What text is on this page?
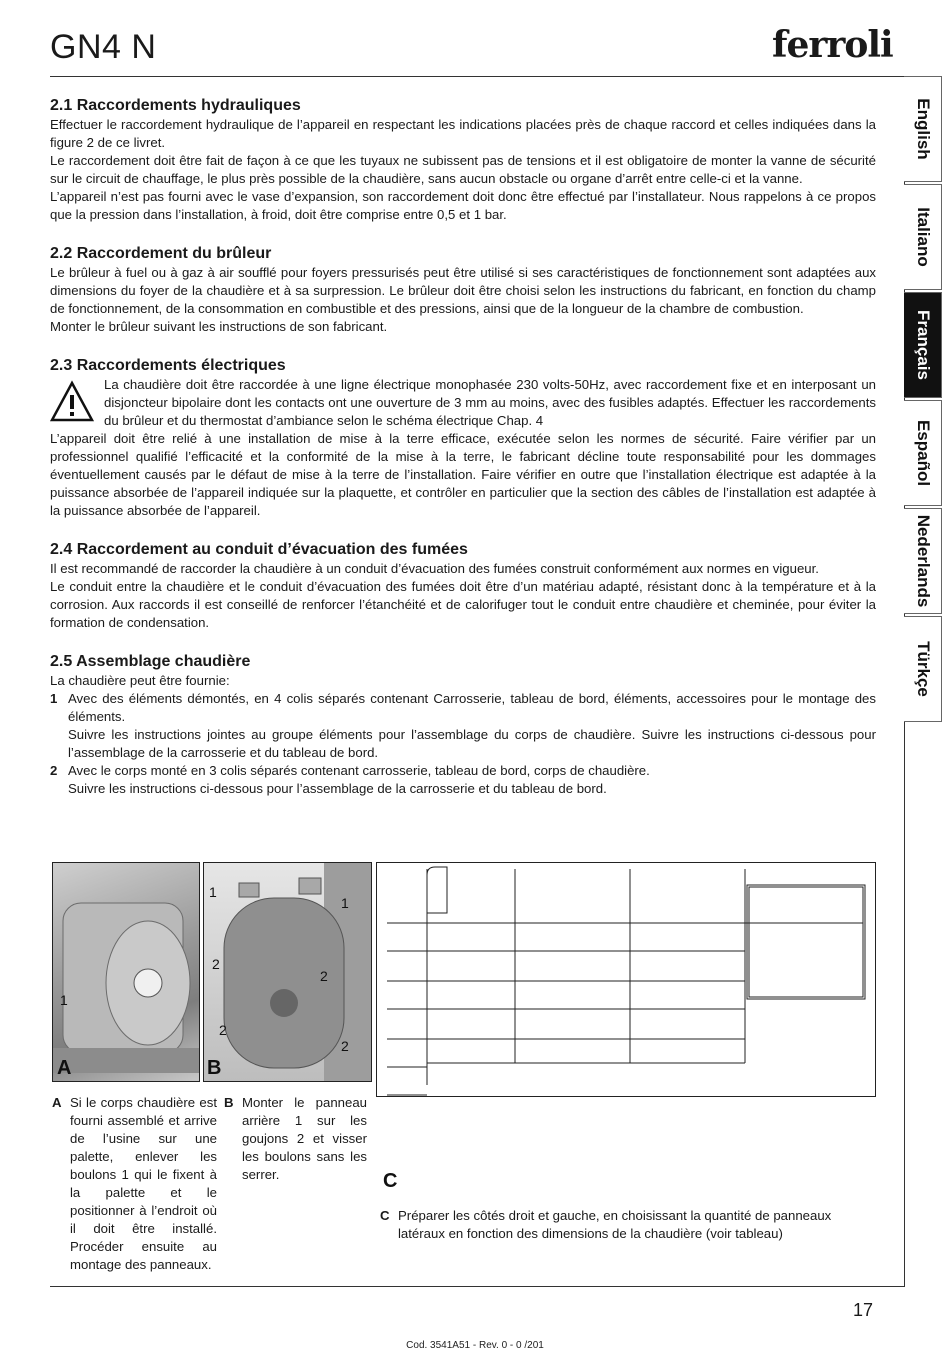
GN4 N	ferroli
English
Italiano
Français
Español
Nederlands
Türkçe
2.1 Raccordements hydrauliques

Effectuer le raccordement hydraulique de l’appareil en respectant les indications placées près de chaque raccord et celles indiquées dans la figure 2 de ce livret.

Le raccordement doit être fait de façon à ce que les tuyaux ne subissent pas de tensions et il est obligatoire de monter la vanne de sécurité sur le circuit de chauffage, le plus près possible de la chaudière, sans aucun obstacle ou organe d’arrêt entre celle-ci et la vanne.

L’appareil n’est pas fourni avec le vase d’expansion, son raccordement doit donc être effectué par l’installateur. Nous rappelons à ce propos que la pression dans l’installation, à froid, doit être comprise entre 0,5 et 1 bar.

2.2 Raccordement du brûleur

Le brûleur à fuel ou à gaz à air soufflé pour foyers pressurisés peut être utilisé si ses caractéristiques de fonctionnement sont adaptées aux dimensions du foyer de la chaudière et à sa surpression. Le brûleur doit être choisi selon les instructions du fabricant, en fonction du champ de fonctionnement, de la consommation en combustible et des pressions, ainsi que de la longueur de la chambre de combustion.

Monter le brûleur suivant les instructions de son fabricant.

2.3 Raccordements électriques

La chaudière doit être raccordée à une ligne électrique monophasée 230 volts-50Hz, avec raccordement fixe et en interposant un disjoncteur bipolaire dont les contacts ont une ouverture de 3 mm au moins, avec des fusibles adaptés. Effectuer les raccordements du brûleur et du thermostat d’ambiance selon le schéma électrique Chap. 4

L’appareil doit être relié à une installation de mise à la terre efficace, exécutée selon les normes de sécurité. Faire vérifier par un professionnel qualifié l’efficacité et la conformité de la mise à la terre, le fabricant décline toute responsabilité pour les dommages éventuellement causés par le défaut de mise à la terre de l’installation. Faire vérifier en outre que l’installation électrique est adaptée à la puissance absorbée de l’appareil indiquée sur la plaquette, et contrôler en particulier que la section des câbles de l’installation est adaptée à la puissance absorbée de l’appareil.

2.4 Raccordement au conduit d’évacuation des fumées

Il est recommandé de raccorder la chaudière à un conduit d’évacuation des fumées construit conformément aux normes en vigueur.

Le conduit entre la chaudière et le conduit d’évacuation des fumées doit être d’un matériau adapté, résistant donc à la température et à la corrosion. Aux raccords il est conseillé de renforcer l’étanchéité et de calorifuger tout le conduit entre chaudière et cheminée, pour éviter la formation de condensation.

2.5 Assemblage chaudière

La chaudière peut être fournie:

1 Avec des éléments démontés, en 4 colis séparés contenant Carrosserie, tableau de bord, éléments, accessoires pour le montage des éléments.
Suivre les instructions jointes au groupe éléments pour l’assemblage du corps de chaudière. Suivre les instructions ci-dessous pour l’assemblage de la carrosserie et du tableau de bord.
2 Avec le corps monté en 3 colis séparés contenant carrosserie, tableau de bord, corps de chaudière.
Suivre les instructions ci-dessous pour l’assemblage de la carrosserie et du tableau de bord.
1
A
1
1
2
2
2
2
B
C
A Si le corps chaudière est fourni assemblé et arrive de l’usine sur une palette, enlever les boulons 1 qui le fixent à la palette et le positionner à l’endroit où il doit être installé. Procéder ensuite au montage des panneaux.
B Monter le panneau arrière 1 sur les goujons 2 et visser les boulons sans les serrer.
C Préparer les côtés droit et gauche, en choisissant la quantité de panneaux latéraux en fonction des dimensions de la chaudière (voir tableau)
17
Cod. 3541A51 - Rev. 0 - 0 /201
